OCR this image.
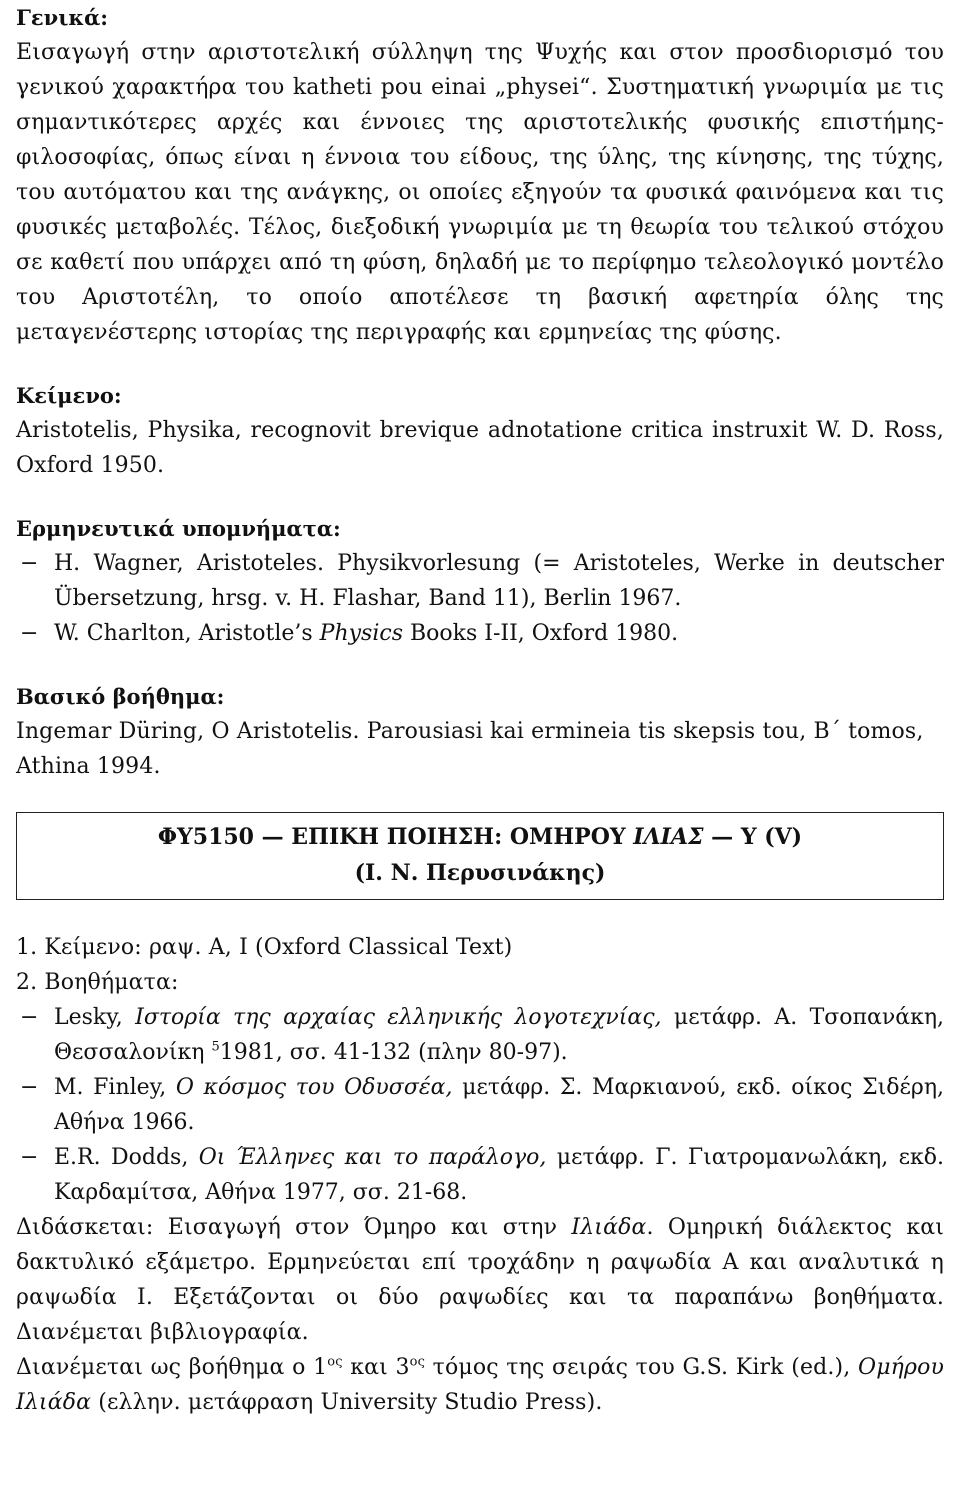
Γενικά:

Εισαγωγή στην αριστοτελική σύλληψη της Ψυχής και στον προσδιορισμό του γενικού χαρακτήρα του katheti pou einai „physei“. Συστηματική γνωριμία με τις σημαντικότερες αρχές και έννοιες της αριστοτελικής φυσικής επιστήμης-φιλοσοφίας, όπως είναι η έννοια του είδους, της ύλης, της κίνησης, της τύχης, του αυτόματου και της ανάγκης, οι οποίες εξηγούν τα φυσικά φαινόμενα και τις φυσικές μεταβολές. Τέλος, διεξοδική γνωριμία με τη θεωρία του τελικού στόχου σε καθετί που υπάρχει από τη φύση, δηλαδή με το περίφημο τελεολογικό μοντέλο του Αριστοτέλη, το οποίο αποτέλεσε τη βασική αφετηρία όλης της μεταγενέστερης ιστορίας της περιγραφής και ερμηνείας της φύσης.

Κείμενο:

Aristotelis, Physika, recognovit brevique adnotatione critica instruxit W. D. Ross, Oxford 1950.

Ερμηνευτικά υπομνήματα:

− H. Wagner, Aristoteles. Physikvorlesung (= Aristoteles, Werke in deutscher Übersetzung, hrsg. v. H. Flashar, Band 11), Berlin 1967.
− W. Charlton, Aristotle’s Physics Books I-II, Oxford 1980.

Βασικό βοήθημα:

Ingemar Düring, O Aristotelis. Parousiasi kai ermineia tis skepsis tou, B΄ tomos, Athina 1994.

ΦΥ5150 — ΕΠΙΚΗ ΠΟΙΗΣΗ: ΟΜΗΡΟΥ ΙΛΙΑΣ — Υ (V)
(Ι. Ν. Περυσινάκης)

1. Κείμενο: ραψ. Α, Ι (Oxford Classical Text)

2. Βοηθήματα:

− Lesky, Ιστορία της αρχαίας ελληνικής λογοτεχνίας, μετάφρ. Α. Τσοπανάκη, Θεσσαλονίκη $^5$1981, σσ. 41-132 (πλην 80-97).
− M. Finley, Ο κόσμος του Οδυσσέα, μετάφρ. Σ. Μαρκιανού, εκδ. οίκος Σιδέρη, Αθήνα 1966.
− E.R. Dodds, Οι Έλληνες και το παράλογο, μετάφρ. Γ. Γιατρομανωλάκη, εκδ. Καρδαμίτσα, Αθήνα 1977, σσ. 21-68.

Διδάσκεται: Εισαγωγή στον Όμηρο και στην Ιλιάδα. Ομηρική διάλεκτος και δακτυλικό εξάμετρο. Ερμηνεύεται επί τροχάδην η ραψωδία Α και αναλυτικά η ραψωδία Ι. Εξετάζονται οι δύο ραψωδίες και τα παραπάνω βοηθήματα. Διανέμεται βιβλιογραφία.

Διανέμεται ως βοήθημα ο $1^{o\varsigma}$ και $3^{o\varsigma}$ τόμος της σειράς του G.S. Kirk (ed.), Ομήρου Ιλιάδα (ελλην. μετάφραση University Studio Press).
